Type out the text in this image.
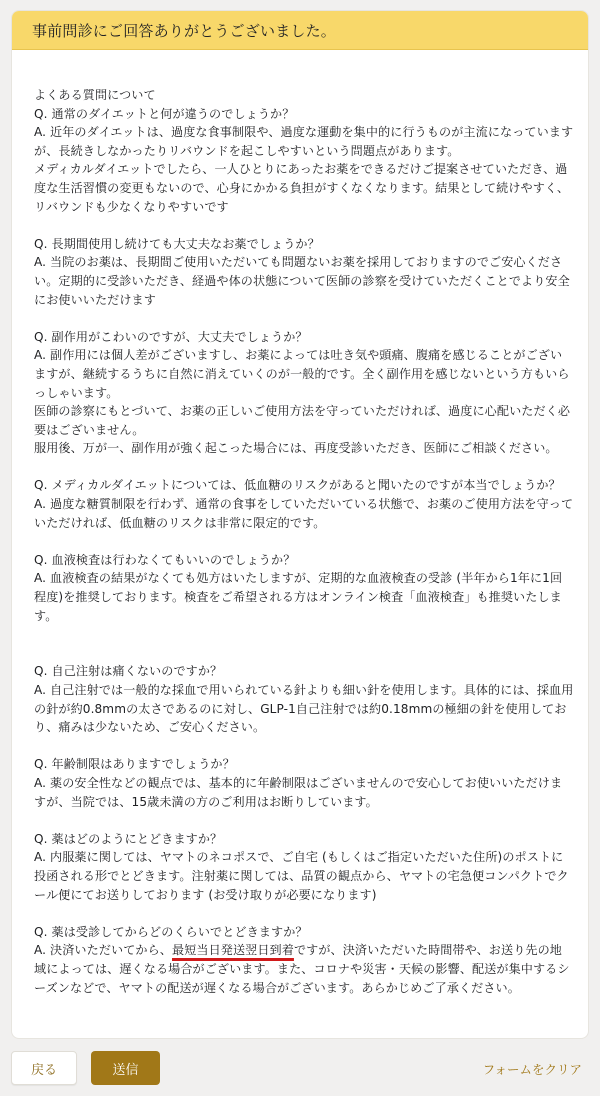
事前問診にご回答ありがとうございました。
よくある質問について
Q. 通常のダイエットと何が違うのでしょうか？
A. 近年のダイエットは、過度な食事制限や、過度な運動を集中的に行うものが主流になっていますが、長続きしなかったりリバウンドを起こしやすいという問題点があります。
メディカルダイエットでしたら、一人ひとりにあったお薬をできるだけご提案させていただき、過度な生活習慣の変更もないので、心身にかかる負担がすくなくなります。結果として続けやすく、リバウンドも少なくなりやすいです
Q. 長期間使用し続けても大丈夫なお薬でしょうか？
A. 当院のお薬は、長期間ご使用いただいても問題ないお薬を採用しておりますのでご安心ください。定期的に受診いただき、経過や体の状態について医師の診察を受けていただくことでより安全にお使いいただけます
Q. 副作用がこわいのですが、大丈夫でしょうか？
A. 副作用には個人差がございますし、お薬によっては吐き気や頭痛、腹痛を感じることがございますが、継続するうちに自然に消えていくのが一般的です。全く副作用を感じないという方もいらっしゃいます。
医師の診察にもとづいて、お薬の正しいご使用方法を守っていただければ、過度に心配いただく必要はございません。
服用後、万が一、副作用が強く起こった場合には、再度受診いただき、医師にご相談ください。
Q. メディカルダイエットについては、低血糖のリスクがあると聞いたのですが本当でしょうか？
A. 過度な糖質制限を行わず、通常の食事をしていただいている状態で、お薬のご使用方法を守っていただければ、低血糖のリスクは非常に限定的です。
Q. 血液検査は行わなくてもいいのでしょうか？
A. 血液検査の結果がなくても処方はいたしますが、定期的な血液検査の受診 (半年から1年に1回程度)を推奨しております。検査をご希望される方はオンライン検査「血液検査」も推奨いたします。
Q. 自己注射は痛くないのですか？
A. 自己注射では一般的な採血で用いられている針よりも細い針を使用します。具体的には、採血用の針が約0.8mmの太さであるのに対し、GLP-1自己注射では約0.18mmの極細の針を使用しており、痛みは少ないため、ご安心ください。
Q. 年齢制限はありますでしょうか？
A. 薬の安全性などの観点では、基本的に年齢制限はございませんので安心してお使いいただけますが、当院では、15歳未満の方のご利用はお断りしています。
Q. 薬はどのようにとどきますか？
A. 内服薬に関しては、ヤマトのネコポスで、ご自宅 (もしくはご指定いただいた住所)のポストに投函される形でとどきます。注射薬に関しては、品質の観点から、ヤマトの宅急便コンパクトでクール便にてお送りしております (お受け取りが必要になります)
Q. 薬は受診してからどのくらいでとどきますか？
A. 決済いただいてから、最短当日発送翌日到着ですが、決済いただいた時間帯や、お送り先の地域によっては、遅くなる場合がございます。また、コロナや災害・天候の影響、配送が集中するシーズンなどで、ヤマトの配送が遅くなる場合がございます。あらかじめご了承ください。
戻る	送信	フォームをクリア
